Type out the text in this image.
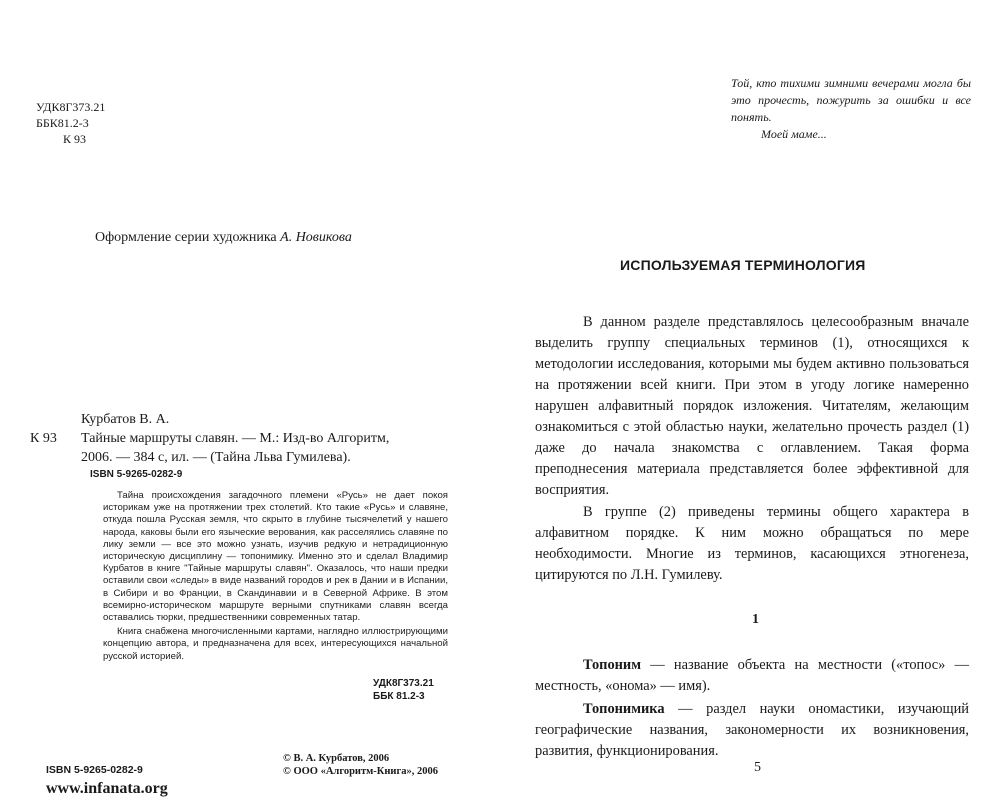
УДК8Г373.21
ББК81.2-3
К 93
Оформление серии художника А. Новикова
Курбатов В. А.
К 93	Тайные маршруты славян. — М.: Изд-во Алгоритм,
2006. — 384 с, ил. — (Тайна Льва Гумилева).
ISBN 5-9265-0282-9

Тайна происхождения загадочного племени «Русь» не дает покоя историкам уже на протяжении трех столетий. Кто такие «Русь» и славяне, откуда пошла Русская земля, что скрыто в глубине тысячелетий у нашего народа, каковы были его языческие верования, как расселялись славяне по лику земли — все это можно узнать, изучив редкую и нетрадиционную историческую дисциплину — топонимику. Именно это и сделал Владимир Курбатов в книге "Тайные маршруты славян". Оказалось, что наши предки оставили свои «следы» в виде названий городов и рек в Дании и в Испании, в Сибири и во Франции, в Скандинавии и в Северной Африке. В этом всемирно-историческом маршруте верными спутниками славян всегда оставались тюрки, предшественники современных татар.

Книга снабжена многочисленными картами, наглядно иллюстрирующими концепцию автора, и предназначена для всех, интересующихся начальной русской историей.

УДК8Г373.21
ББК 81.2-3
ISBN 5-9265-0282-9
© В. А. Курбатов, 2006
© ООО «Алгоритм-Книга», 2006
www.infanata.org
Той, кто тихими зимними вечерами могла бы это прочесть, пожурить за ошибки и все понять.
Моей маме...
ИСПОЛЬЗУЕМАЯ ТЕРМИНОЛОГИЯ

В данном разделе представлялось целесообразным вначале выделить группу специальных терминов (1), относящихся к методологии исследования, которыми мы будем активно пользоваться на протяжении всей книги. При этом в угоду логике намеренно нарушен алфавитный порядок изложения. Читателям, желающим ознакомиться с этой областью науки, желательно прочесть раздел (1) даже до начала знакомства с оглавлением. Такая форма преподнесения материала представляется более эффективной для восприятия.

В группе (2) приведены термины общего характера в алфавитном порядке. К ним можно обращаться по мере необходимости. Многие из терминов, касающихся этногенеза, цитируются по Л.Н. Гумилеву.

1

Топоним — название объекта на местности («топос» — местность, «онома» — имя).

Топонимика — раздел науки ономастики, изучающий географические названия, закономерности их возникновения, развития, функционирования.

5
